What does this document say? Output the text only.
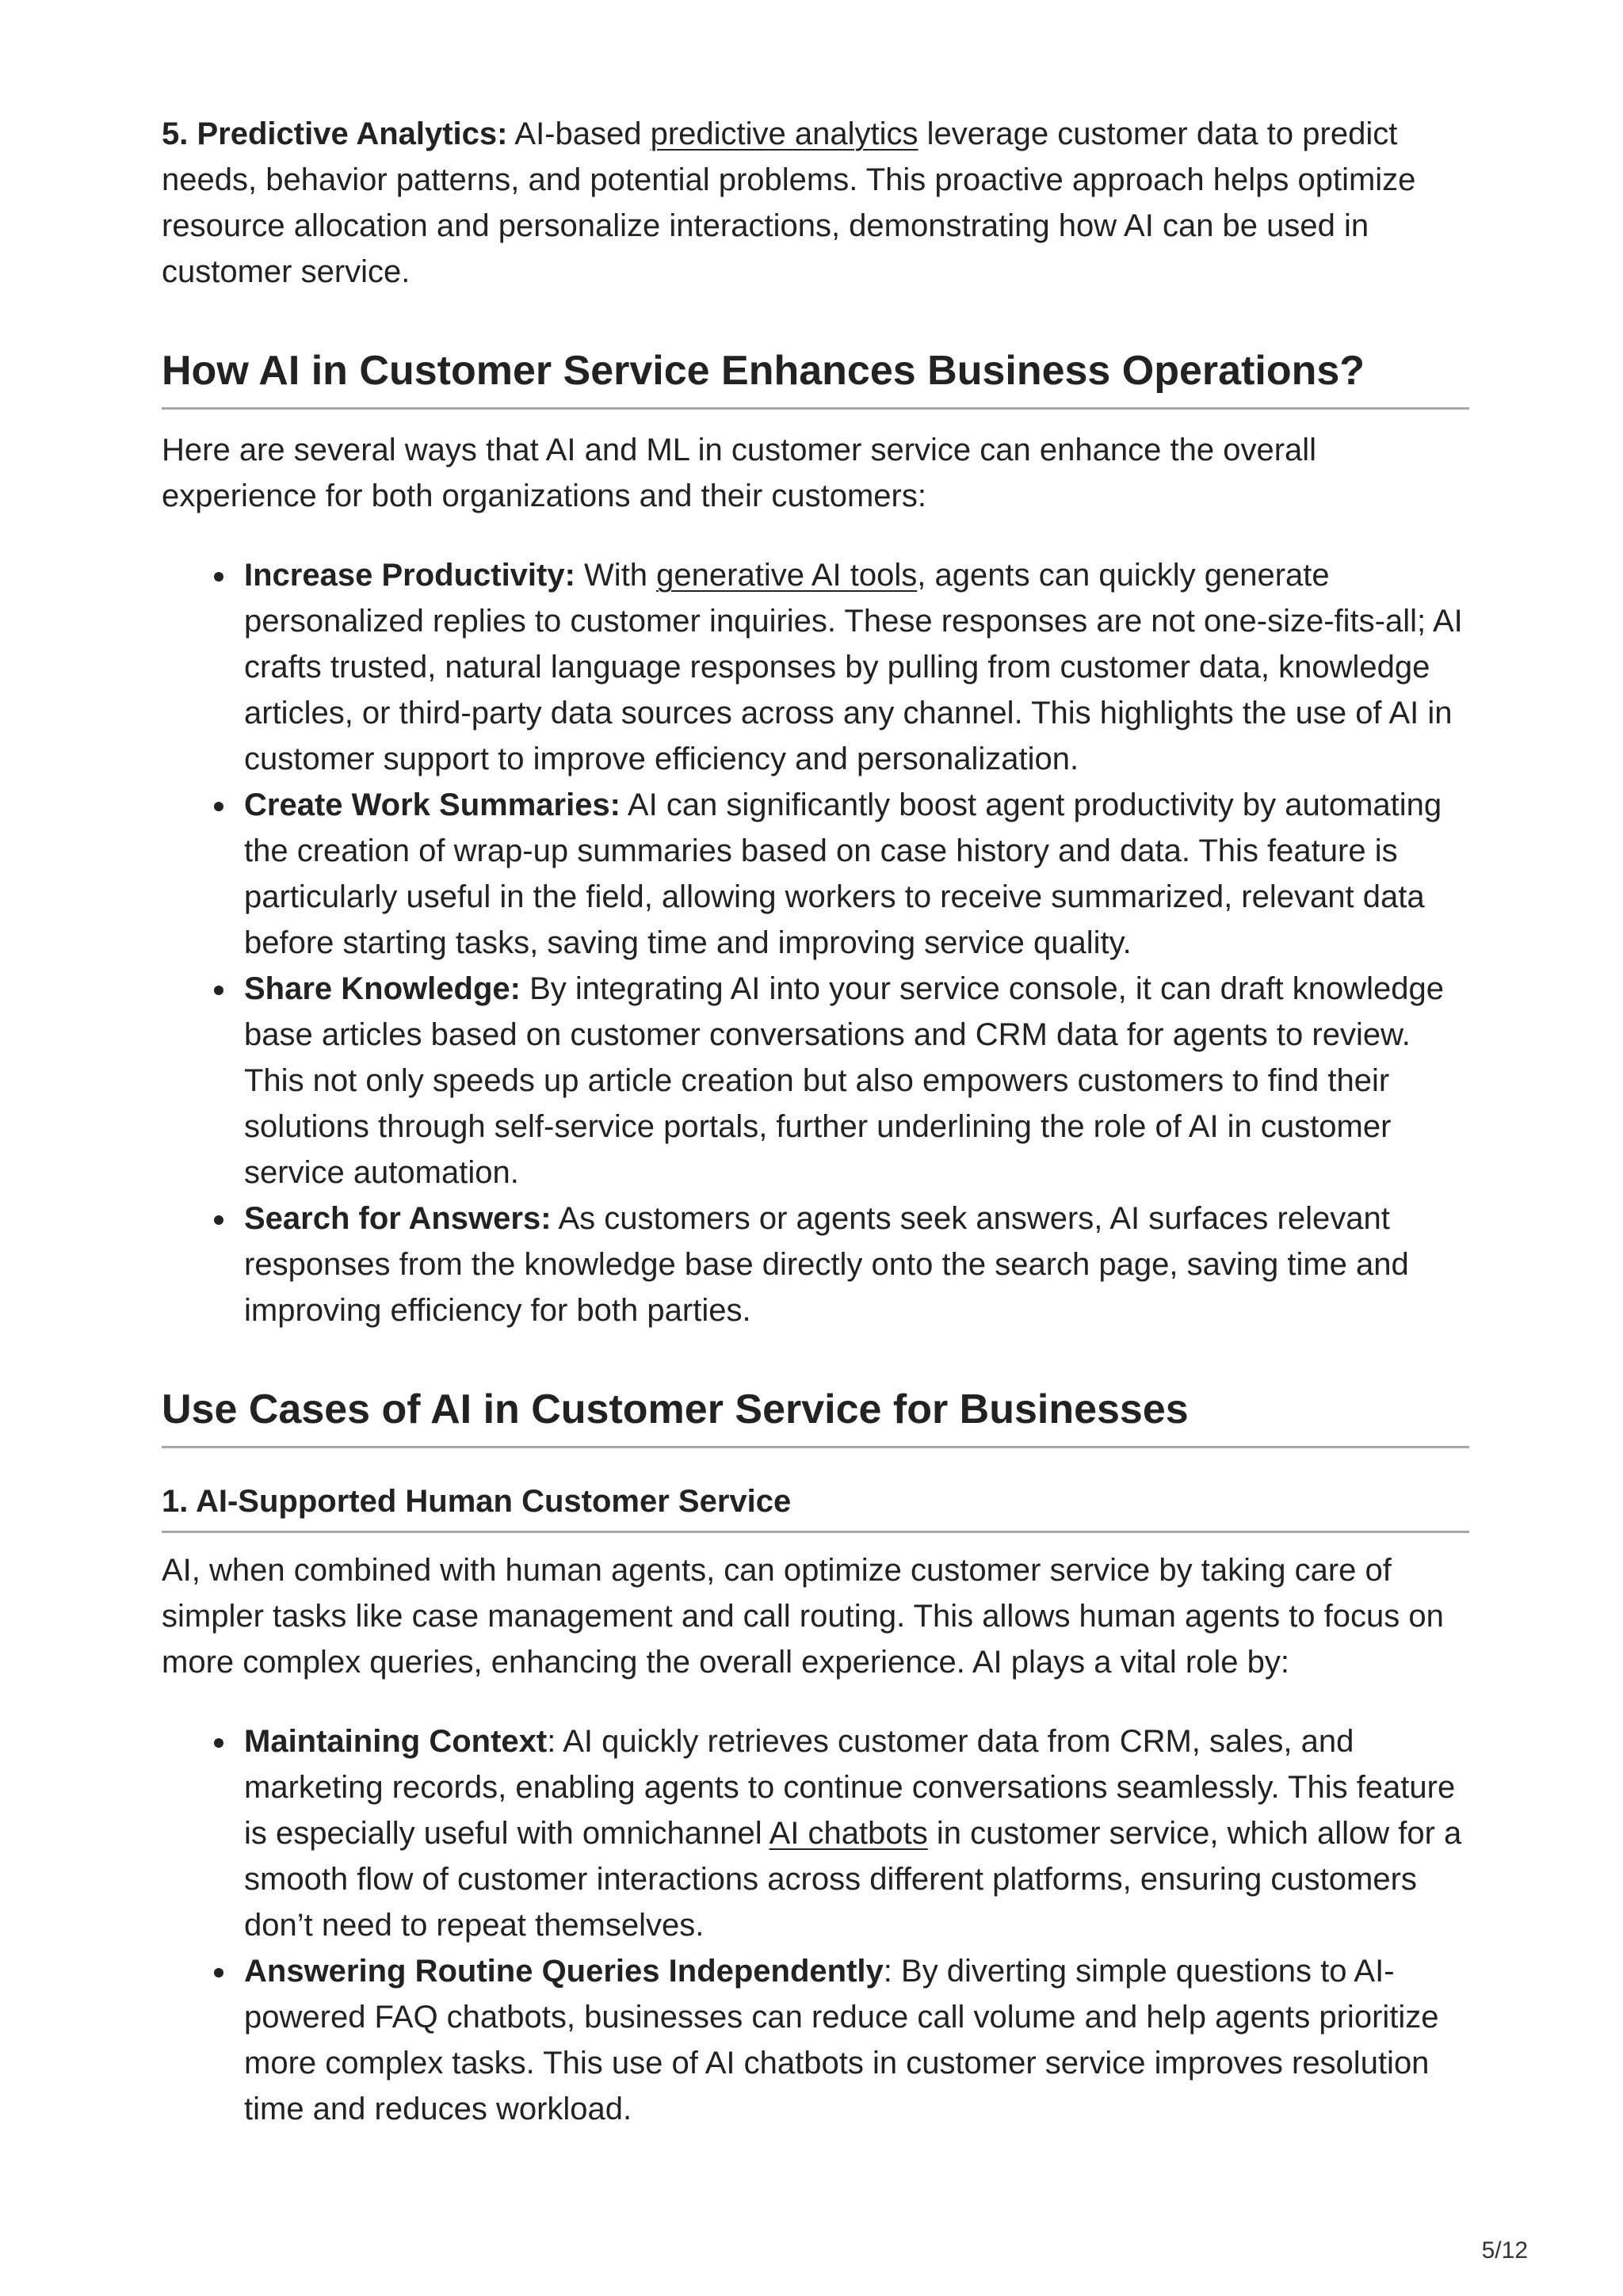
5. Predictive Analytics: AI-based predictive analytics leverage customer data to predict needs, behavior patterns, and potential problems. This proactive approach helps optimize resource allocation and personalize interactions, demonstrating how AI can be used in customer service.

How AI in Customer Service Enhances Business Operations?

Here are several ways that AI and ML in customer service can enhance the overall experience for both organizations and their customers:

Increase Productivity: With generative AI tools, agents can quickly generate personalized replies to customer inquiries. These responses are not one-size-fits-all; AI crafts trusted, natural language responses by pulling from customer data, knowledge articles, or third-party data sources across any channel. This highlights the use of AI in customer support to improve efficiency and personalization.
Create Work Summaries: AI can significantly boost agent productivity by automating the creation of wrap-up summaries based on case history and data. This feature is particularly useful in the field, allowing workers to receive summarized, relevant data before starting tasks, saving time and improving service quality.
Share Knowledge: By integrating AI into your service console, it can draft knowledge base articles based on customer conversations and CRM data for agents to review. This not only speeds up article creation but also empowers customers to find their solutions through self-service portals, further underlining the role of AI in customer service automation.
Search for Answers: As customers or agents seek answers, AI surfaces relevant responses from the knowledge base directly onto the search page, saving time and improving efficiency for both parties.
Use Cases of AI in Customer Service for Businesses
1. AI-Supported Human Customer Service

AI, when combined with human agents, can optimize customer service by taking care of simpler tasks like case management and call routing. This allows human agents to focus on more complex queries, enhancing the overall experience. AI plays a vital role by:

Maintaining Context: AI quickly retrieves customer data from CRM, sales, and marketing records, enabling agents to continue conversations seamlessly. This feature is especially useful with omnichannel AI chatbots in customer service, which allow for a smooth flow of customer interactions across different platforms, ensuring customers don’t need to repeat themselves.
Answering Routine Queries Independently: By diverting simple questions to AI-powered FAQ chatbots, businesses can reduce call volume and help agents prioritize more complex tasks. This use of AI chatbots in customer service improves resolution time and reduces workload.
5/12
